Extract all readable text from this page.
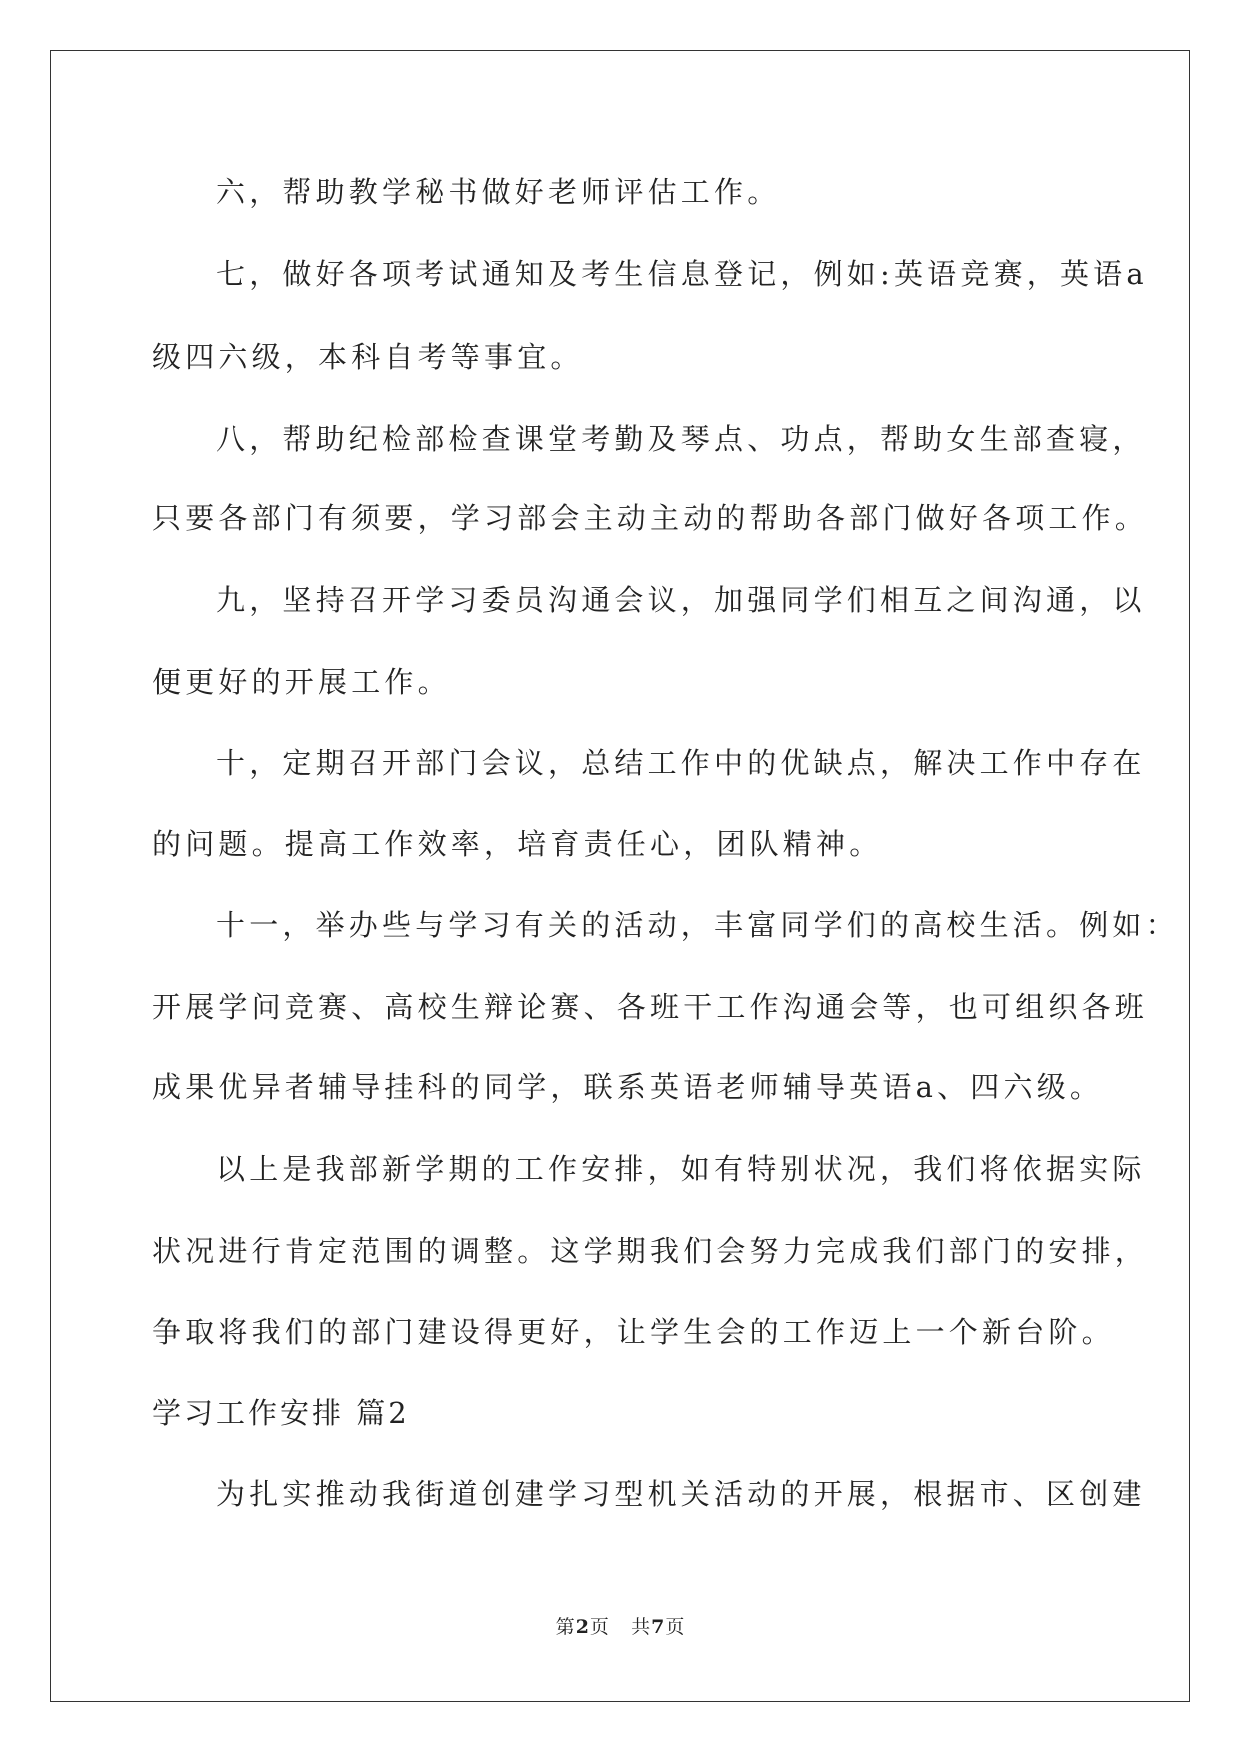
六，帮助教学秘书做好老师评估工作。
七，做好各项考试通知及考生信息登记，例如:英语竞赛，英语a
级四六级，本科自考等事宜。
八，帮助纪检部检查课堂考勤及琴点、功点，帮助女生部查寝，
只要各部门有须要，学习部会主动主动的帮助各部门做好各项工作。
九，坚持召开学习委员沟通会议，加强同学们相互之间沟通，以
便更好的开展工作。
十，定期召开部门会议，总结工作中的优缺点，解决工作中存在
的问题。提高工作效率，培育责任心，团队精神。
十一，举办些与学习有关的活动，丰富同学们的高校生活。例如：
开展学问竞赛、高校生辩论赛、各班干工作沟通会等，也可组织各班
成果优异者辅导挂科的同学，联系英语老师辅导英语a、四六级。
以上是我部新学期的工作安排，如有特别状况，我们将依据实际
状况进行肯定范围的调整。这学期我们会努力完成我们部门的安排，
争取将我们的部门建设得更好，让学生会的工作迈上一个新台阶。
学习工作安排 篇2
为扎实推动我街道创建学习型机关活动的开展，根据市、区创建
第2页 共7页
